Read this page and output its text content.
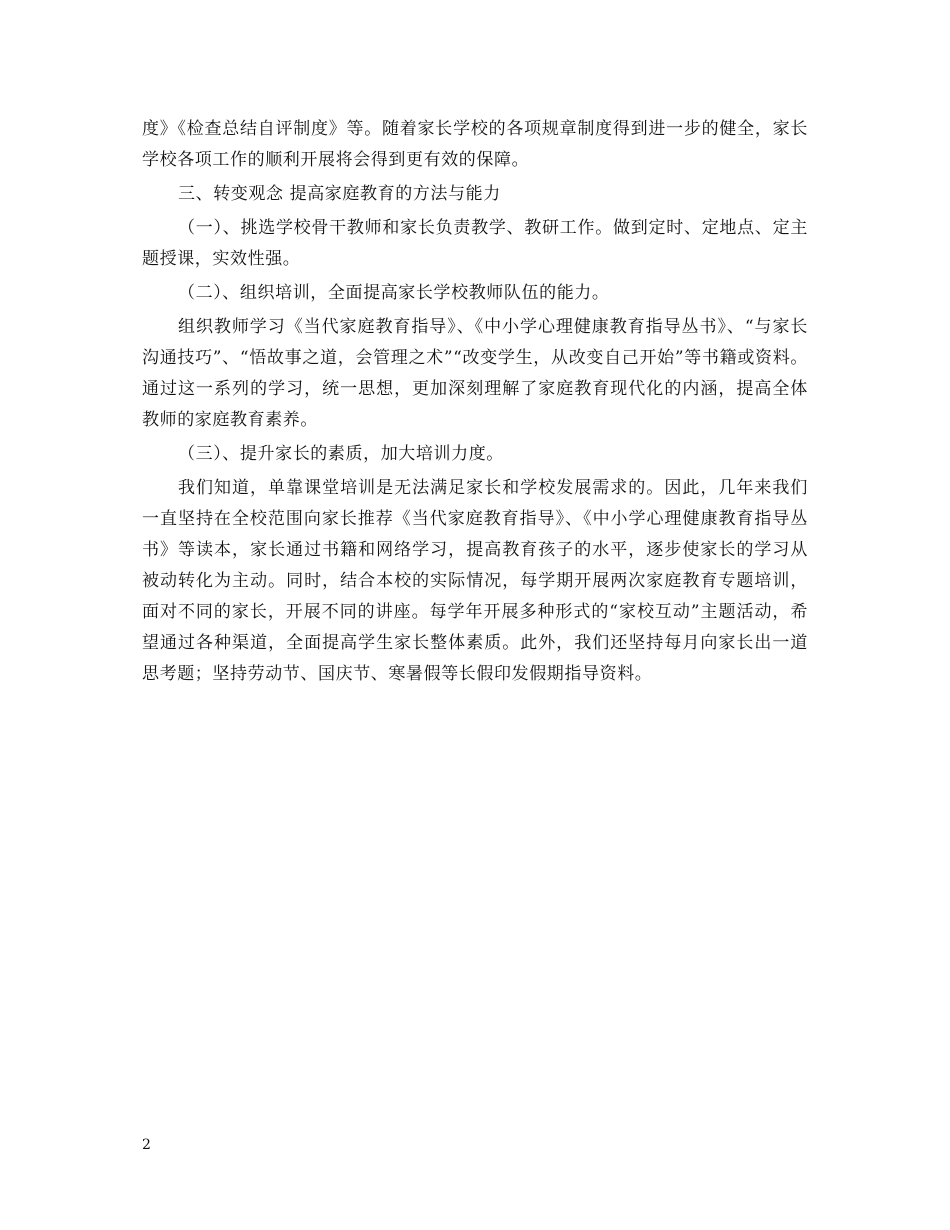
度》《检查总结自评制度》等。随着家长学校的各项规章制度得到进一步的健全，家长学校各项工作的顺利开展将会得到更有效的保障。

三、转变观念 提高家庭教育的方法与能力

（一）、挑选学校骨干教师和家长负责教学、教研工作。做到定时、定地点、定主题授课，实效性强。

（二）、组织培训，全面提高家长学校教师队伍的能力。

组织教师学习《当代家庭教育指导》、《中小学心理健康教育指导丛书》、“与家长沟通技巧”、“悟故事之道，会管理之术”“改变学生，从改变自己开始”等书籍或资料。通过这一系列的学习，统一思想，更加深刻理解了家庭教育现代化的内涵，提高全体教师的家庭教育素养。

（三）、提升家长的素质，加大培训力度。

我们知道，单靠课堂培训是无法满足家长和学校发展需求的。因此，几年来我们一直坚持在全校范围向家长推荐《当代家庭教育指导》、《中小学心理健康教育指导丛书》等读本，家长通过书籍和网络学习，提高教育孩子的水平，逐步使家长的学习从被动转化为主动。同时，结合本校的实际情况，每学期开展两次家庭教育专题培训，面对不同的家长，开展不同的讲座。每学年开展多种形式的“家校互动”主题活动，希望通过各种渠道，全面提高学生家长整体素质。此外，我们还坚持每月向家长出一道思考题；坚持劳动节、国庆节、寒暑假等长假印发假期指导资料。

2
